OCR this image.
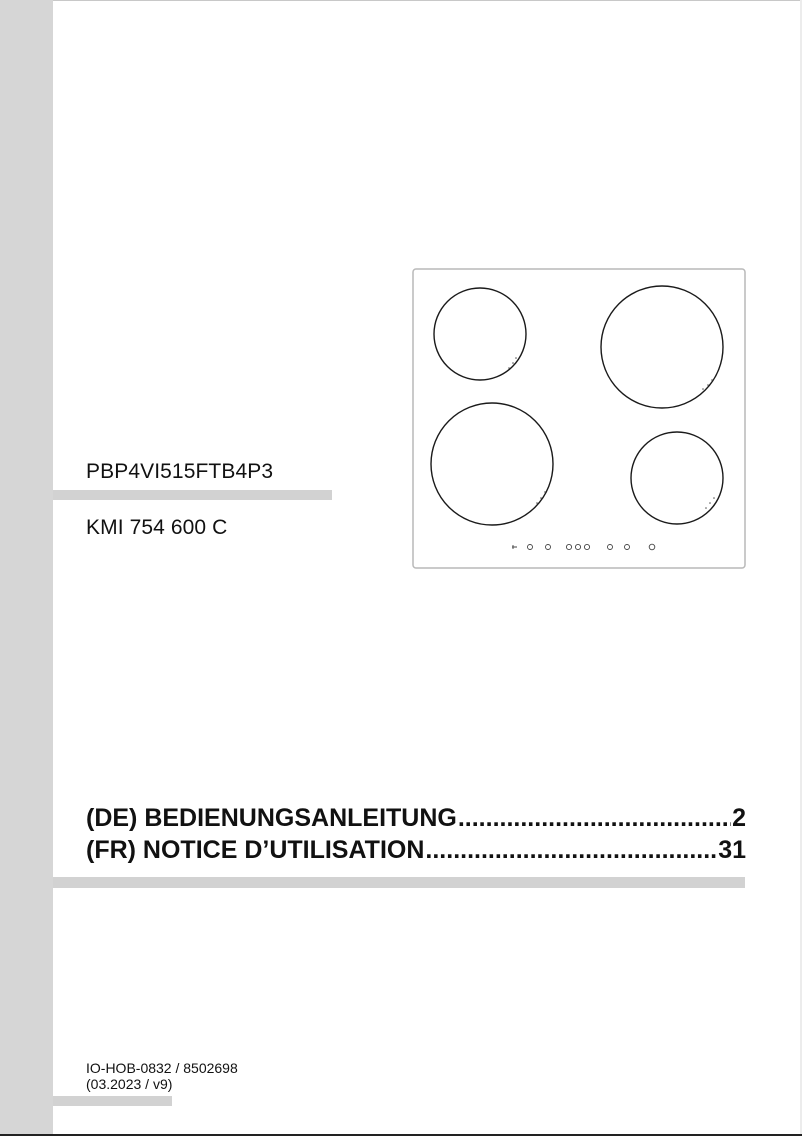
PBP4VI515FTB4P3
KMI 754 600 C
(DE) BEDIENUNGSANLEITUNG .....	2
(FR) NOTICE D’UTILISATION .....	31
IO-HOB-0832 / 8502698
(03.2023 / v9)
